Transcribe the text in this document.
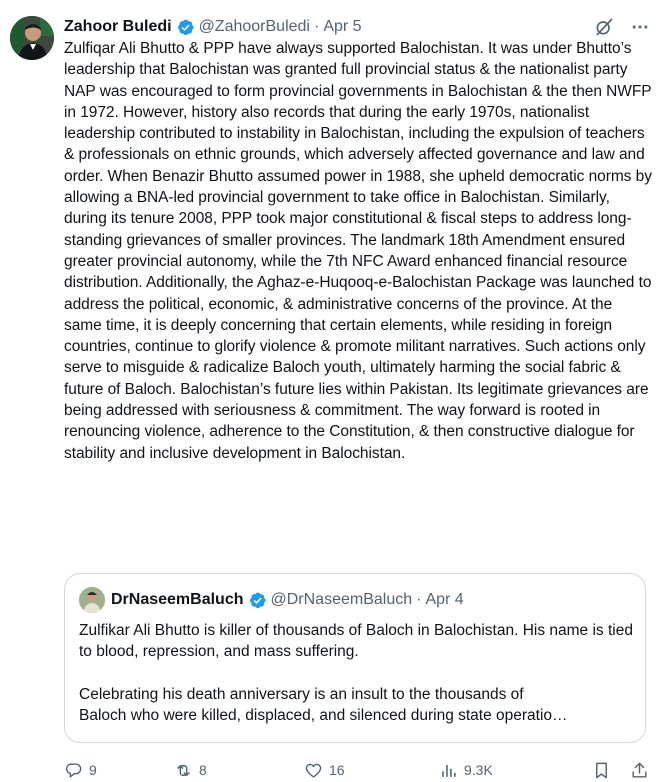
Zahoor Buledi @ZahoorBuledi · Apr 5
Zulfiqar Ali Bhutto & PPP have always supported Balochistan. It was under Bhutto’s leadership that Balochistan was granted full provincial status & the nationalist party NAP was encouraged to form provincial governments in Balochistan & the then NWFP in 1972. However, history also records that during the early 1970s, nationalist leadership contributed to instability in Balochistan, including the expulsion of teachers & professionals on ethnic grounds, which adversely affected governance and law and order. When Benazir Bhutto assumed power in 1988, she upheld democratic norms by allowing a BNA-led provincial government to take office in Balochistan. Similarly, during its tenure 2008, PPP took major constitutional & fiscal steps to address long-standing grievances of smaller provinces. The landmark 18th Amendment ensured greater provincial autonomy, while the 7th NFC Award enhanced financial resource distribution. Additionally, the Aghaz-e-Huqooq-e-Balochistan Package was launched to address the political, economic, & administrative concerns of the province. At the same time, it is deeply concerning that certain elements, while residing in foreign countries, continue to glorify violence & promote militant narratives. Such actions only serve to misguide & radicalize Baloch youth, ultimately harming the social fabric & future of Baloch. Balochistan’s future lies within Pakistan. Its legitimate grievances are being addressed with seriousness & commitment. The way forward is rooted in renouncing violence, adherence to the Constitution, & then constructive dialogue for stability and inclusive development in Balochistan.
DrNaseemBaluch @DrNaseemBaluch · Apr 4

Zulfikar Ali Bhutto is killer of thousands of Baloch in Balochistan. His name is tied to blood, repression, and mass suffering.

Celebrating his death anniversary is an insult to the thousands of

Baloch who were killed, displaced, and silenced during state operatio…

9	8	16	9.3K
